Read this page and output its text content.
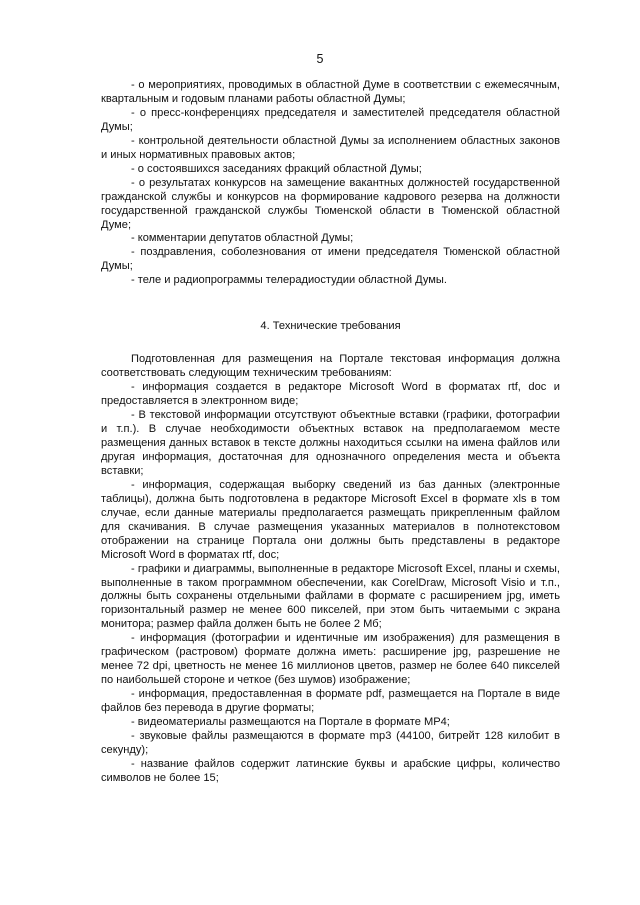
5

- о мероприятиях, проводимых в областной Думе в соответствии с ежемесячным, квартальным и годовым планами работы областной Думы;

- о пресс-конференциях председателя и заместителей председателя областной Думы;

- контрольной деятельности областной Думы за исполнением областных законов и иных нормативных правовых актов;

- о состоявшихся заседаниях фракций областной Думы;

- о результатах конкурсов на замещение вакантных должностей государственной гражданской службы и конкурсов на формирование кадрового резерва на должности государственной гражданской службы Тюменской области в Тюменской областной Думе;

- комментарии депутатов областной Думы;

- поздравления, соболезнования от имени председателя Тюменской областной Думы;

- теле и радиопрограммы телерадиостудии областной Думы.

4. Технические требования

Подготовленная для размещения на Портале текстовая информация должна соответствовать следующим техническим требованиям:

- информация создается в редакторе Microsoft Word в форматах rtf, doc и предоставляется в электронном виде;

- В текстовой информации отсутствуют объектные вставки (графики, фотографии и т.п.). В случае необходимости объектных вставок на предполагаемом месте размещения данных вставок в тексте должны находиться ссылки на имена файлов или другая информация, достаточная для однозначного определения места и объекта вставки;

- информация, содержащая выборку сведений из баз данных (электронные таблицы), должна быть подготовлена в редакторе Microsoft Excel в формате xls в том случае, если данные материалы предполагается размещать прикрепленным файлом для скачивания. В случае размещения указанных материалов в полнотекстовом отображении на странице Портала они должны быть представлены в редакторе Microsoft Word в форматах rtf, doc;

- графики и диаграммы, выполненные в редакторе Microsoft Excel, планы и схемы, выполненные в таком программном обеспечении, как CorelDraw, Microsoft Visio и т.п., должны быть сохранены отдельными файлами в формате с расширением jpg, иметь горизонтальный размер не менее 600 пикселей, при этом быть читаемыми с экрана монитора; размер файла должен быть не более 2 Мб;

- информация (фотографии и идентичные им изображения) для размещения в графическом (растровом) формате должна иметь: расширение jpg, разрешение не менее 72 dpi, цветность не менее 16 миллионов цветов, размер не более 640 пикселей по наибольшей стороне и четкое (без шумов) изображение;

- информация, предоставленная в формате pdf, размещается на Портале в виде файлов без перевода в другие форматы;

- видеоматериалы размещаются на Портале в формате MP4;

- звуковые файлы размещаются в формате mp3 (44100, битрейт 128 килобит в секунду);

- название файлов содержит латинские буквы и арабские цифры, количество символов не более 15;
